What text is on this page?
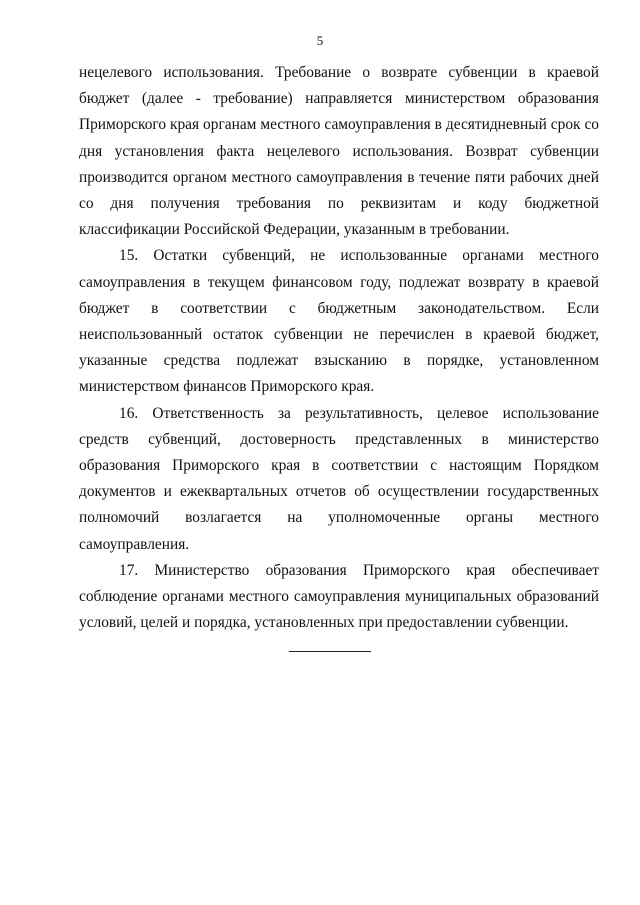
5

нецелевого использования. Требование о возврате субвенции в краевой бюджет (далее - требование) направляется министерством образования Приморского края органам местного самоуправления в десятидневный срок со дня установления факта нецелевого использования. Возврат субвенции производится органом местного самоуправления в течение пяти рабочих дней со дня получения требования по реквизитам и коду бюджетной классификации Российской Федерации, указанным в требовании.

15. Остатки субвенций, не использованные органами местного самоуправления в текущем финансовом году, подлежат возврату в краевой бюджет в соответствии с бюджетным законодательством. Если неиспользованный остаток субвенции не перечислен в краевой бюджет, указанные средства подлежат взысканию в порядке, установленном министерством финансов Приморского края.

16. Ответственность за результативность, целевое использование средств субвенций, достоверность представленных в министерство образования Приморского края в соответствии с настоящим Порядком документов и ежеквартальных отчетов об осуществлении государственных полномочий возлагается на уполномоченные органы местного самоуправления.

17. Министерство образования Приморского края обеспечивает соблюдение органами местного самоуправления муниципальных образований условий, целей и порядка, установленных при предоставлении субвенции.
